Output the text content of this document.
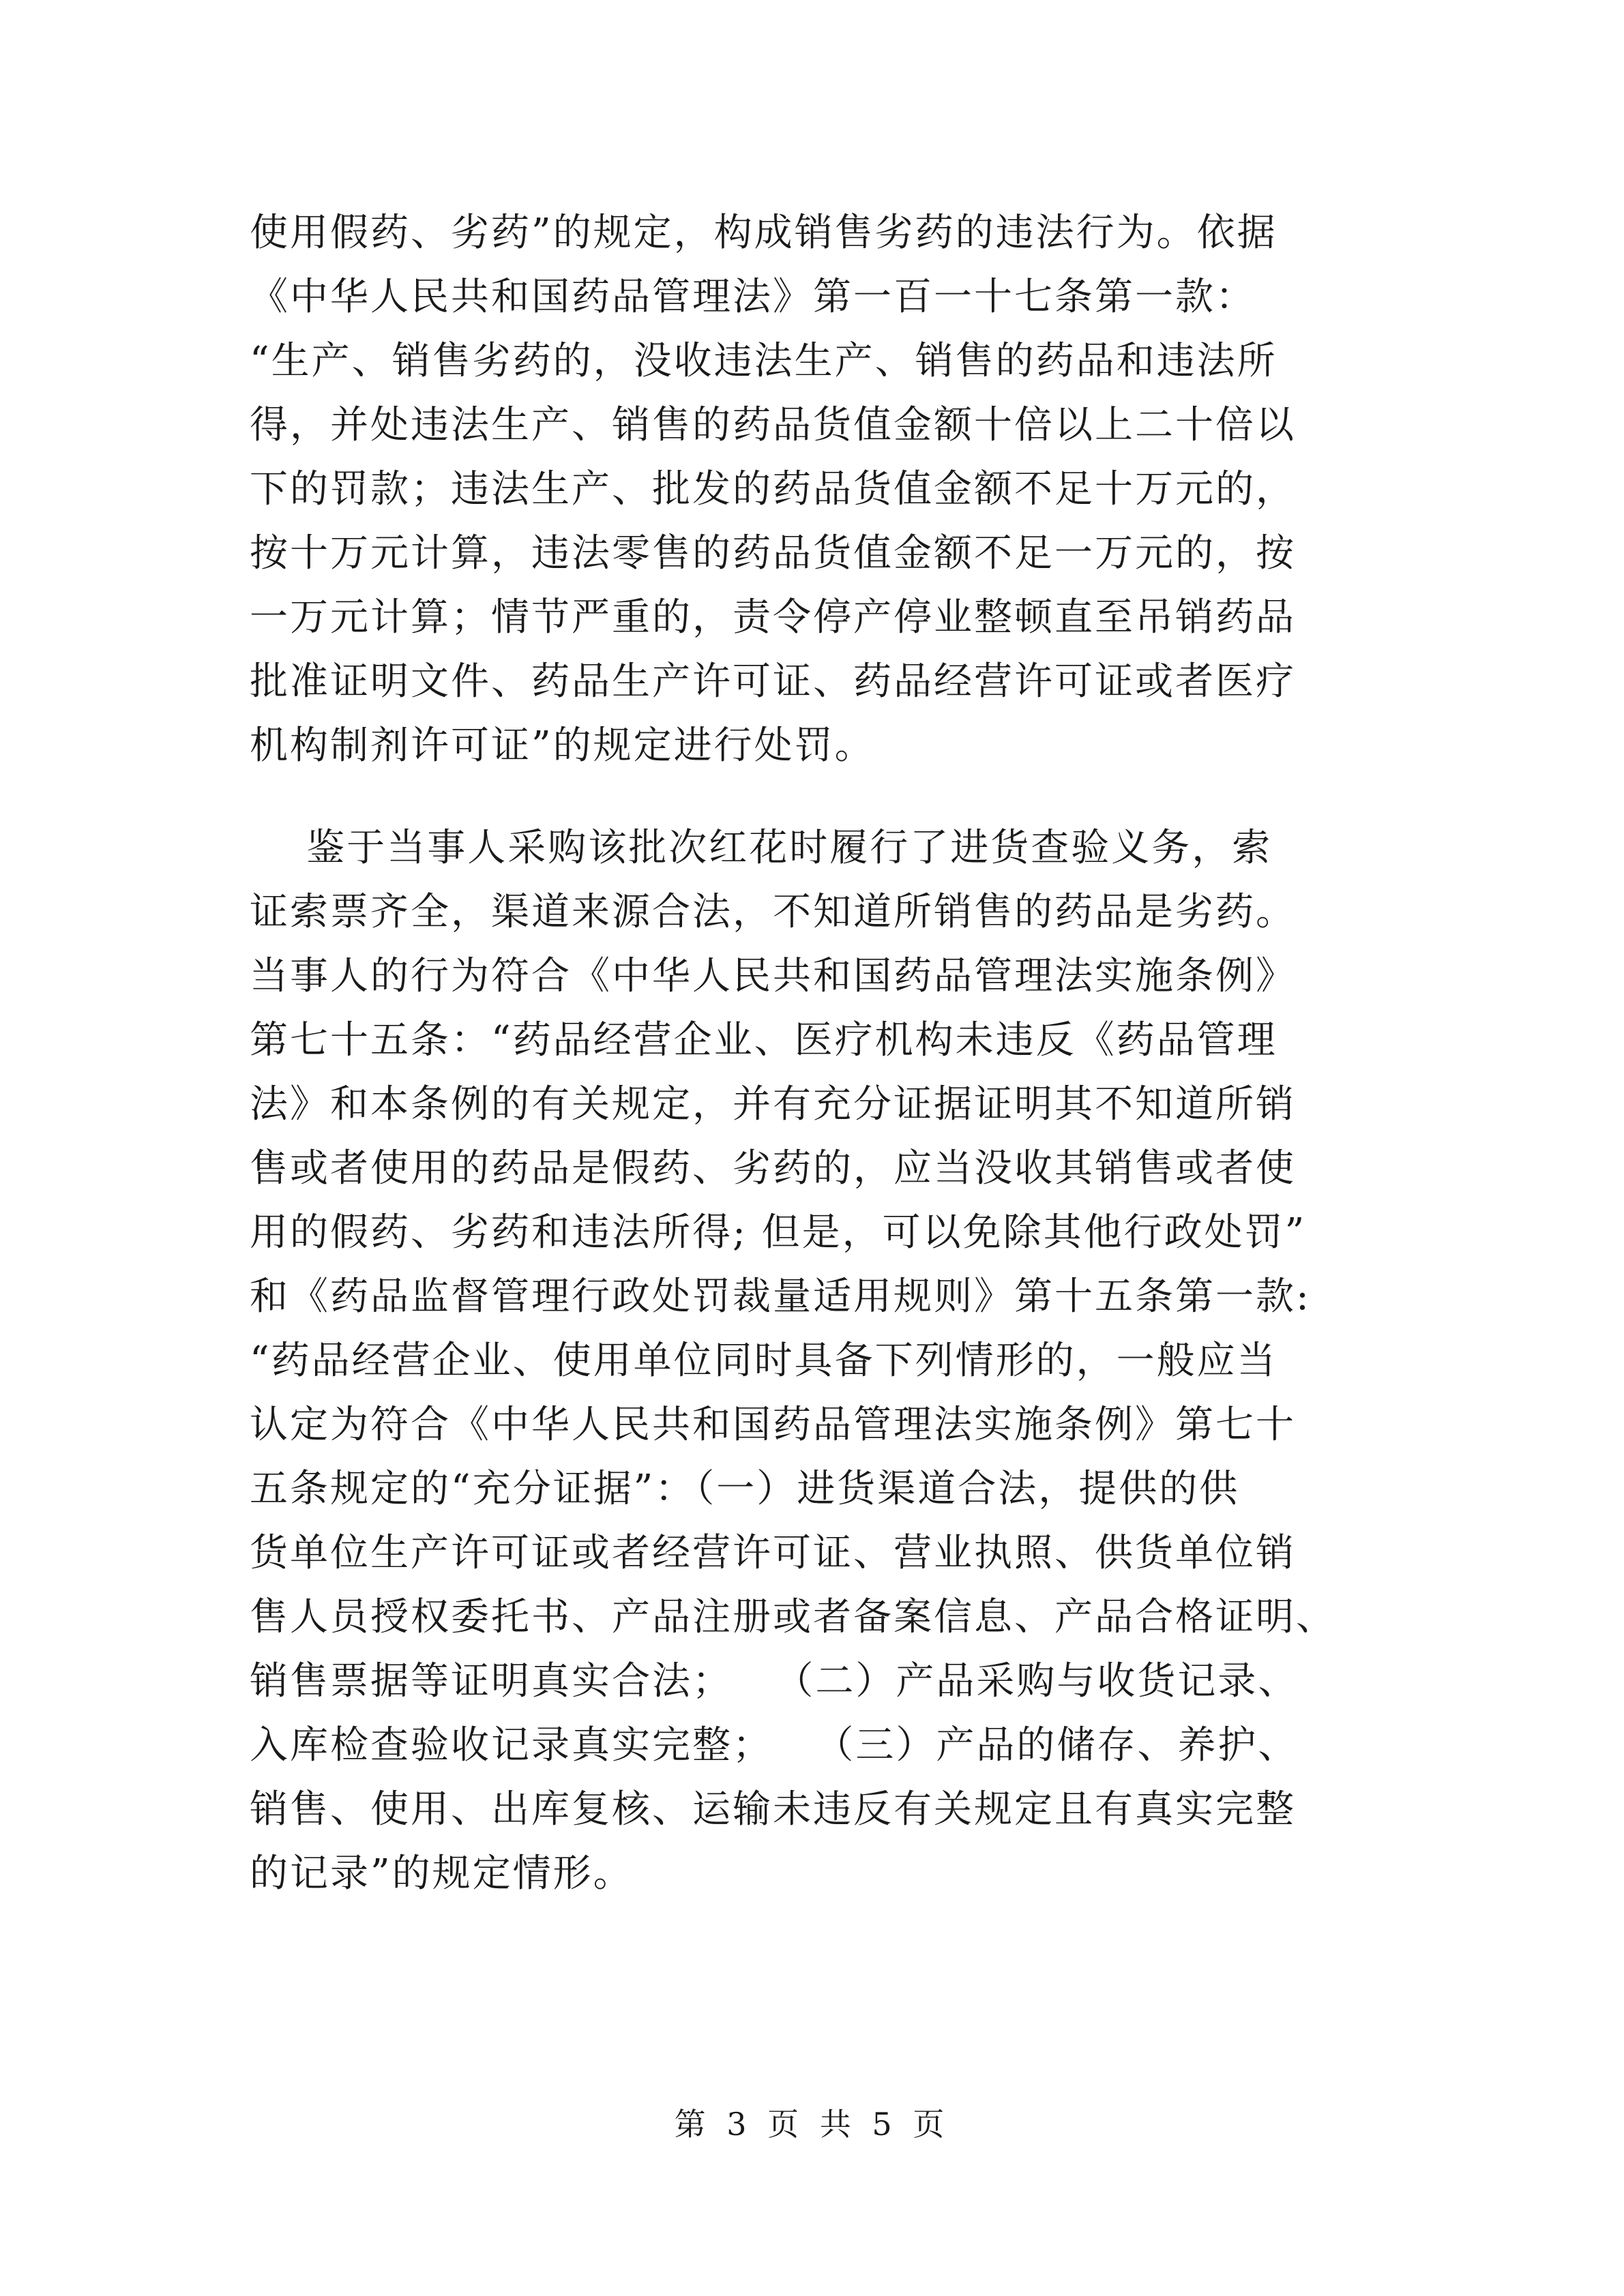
使用假药、劣药”的规定，构成销售劣药的违法行为。依据
《中华人民共和国药品管理法》第一百一十七条第一款：
“生产、销售劣药的，没收违法生产、销售的药品和违法所
得，并处违法生产、销售的药品货值金额十倍以上二十倍以
下的罚款；违法生产、批发的药品货值金额不足十万元的，
按十万元计算，违法零售的药品货值金额不足一万元的，按
一万元计算；情节严重的，责令停产停业整顿直至吊销药品
批准证明文件、药品生产许可证、药品经营许可证或者医疗
机构制剂许可证”的规定进行处罚。
鉴于当事人采购该批次红花时履行了进货查验义务，索
证索票齐全，渠道来源合法，不知道所销售的药品是劣药。
当事人的行为符合《中华人民共和国药品管理法实施条例》
第七十五条：“药品经营企业、医疗机构未违反《药品管理
法》和本条例的有关规定，并有充分证据证明其不知道所销
售或者使用的药品是假药、劣药的，应当没收其销售或者使
用的假药、劣药和违法所得; 但是，可以免除其他行政处罚”
和《药品监督管理行政处罚裁量适用规则》第十五条第一款:
“药品经营企业、使用单位同时具备下列情形的，一般应当
认定为符合《中华人民共和国药品管理法实施条例》第七十
五条规定的“充分证据”：（一）进货渠道合法，提供的供
货单位生产许可证或者经营许可证、营业执照、供货单位销
售人员授权委托书、产品注册或者备案信息、产品合格证明、
销售票据等证明真实合法；   （二）产品采购与收货记录、
入库检查验收记录真实完整；   （三）产品的储存、养护、
销售、使用、出库复核、运输未违反有关规定且有真实完整
的记录”的规定情形。
第 3 页 共 5 页
